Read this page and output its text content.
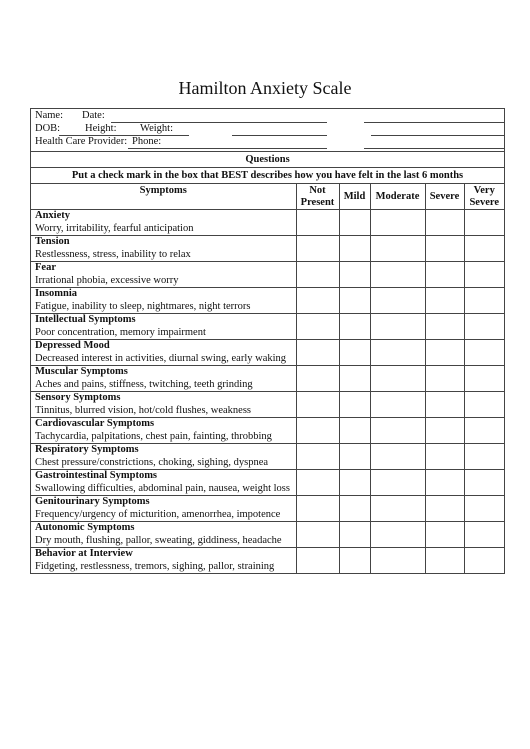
Hamilton Anxiety Scale
Name: Date:
DOB: Height: Weight:
Health Care Provider: Phone:
Questions
Put a check mark in the box that BEST describes how you have felt in the last 6 months
Symptoms	Not Present	Mild	Moderate	Severe	Very Severe

Anxiety
Worry, irritability, fearful anticipation					

Tension
Restlessness, stress, inability to relax					

Fear
Irrational phobia, excessive worry					

Insomnia
Fatigue, inability to sleep, nightmares, night terrors					

Intellectual Symptoms
Poor concentration, memory impairment					

Depressed Mood
Decreased interest in activities, diurnal swing, early waking					

Muscular Symptoms
Aches and pains, stiffness, twitching, teeth grinding					

Sensory Symptoms
Tinnitus, blurred vision, hot/cold flushes, weakness					

Cardiovascular Symptoms
Tachycardia, palpitations, chest pain, fainting, throbbing					

Respiratory Symptoms
Chest pressure/constrictions, choking, sighing, dyspnea					

Gastrointestinal Symptoms
Swallowing difficulties, abdominal pain, nausea, weight loss					

Genitourinary Symptoms
Frequency/urgency of micturition, amenorrhea, impotence					

Autonomic Symptoms
Dry mouth, flushing, pallor, sweating, giddiness, headache					

Behavior at Interview
Fidgeting, restlessness, tremors, sighing, pallor, straining					
